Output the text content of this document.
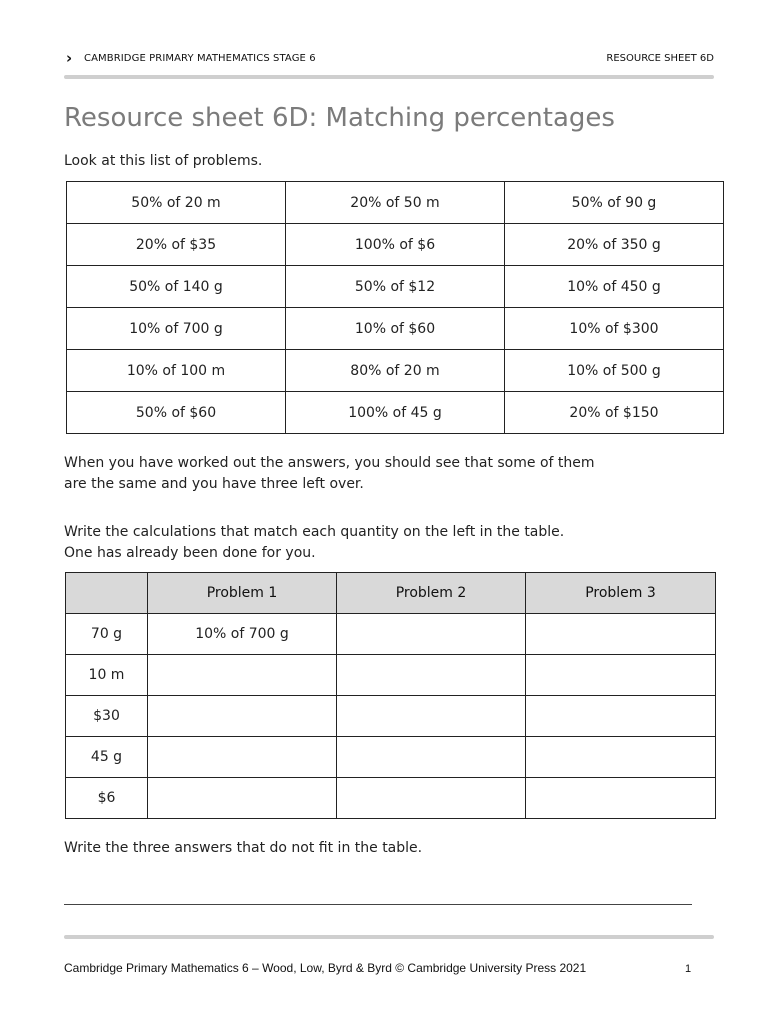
› CAMBRIDGE PRIMARY MATHEMATICS STAGE 6	RESOURCE SHEET 6D
Resource sheet 6D: Matching percentages
Look at this list of problems.
50% of 20 m	20% of 50 m	50% of 90 g
20% of $35	100% of $6	20% of 350 g
50% of 140 g	50% of $12	10% of 450 g
10% of 700 g	10% of $60	10% of $300
10% of 100 m	80% of 20 m	10% of 500 g
50% of $60	100% of 45 g	20% of $150
When you have worked out the answers, you should see that some of them
are the same and you have three left over.
Write the calculations that match each quantity on the left in the table.
One has already been done for you.
	Problem 1	Problem 2	Problem 3
70 g	10% of 700 g		
10 m			
$30			
45 g			
$6			
Write the three answers that do not fit in the table.
Cambridge Primary Mathematics 6 – Wood, Low, Byrd & Byrd © Cambridge University Press 2021	1
